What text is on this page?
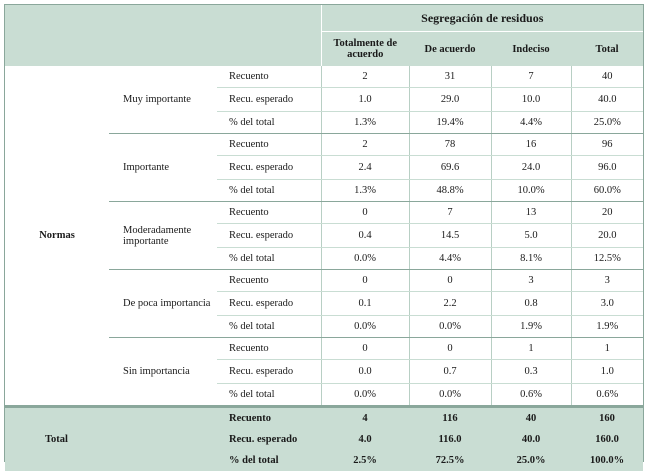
			Segregación de residuos			
			Totalmente de acuerdo	De acuerdo	Indeciso	Total
Normas	Muy importante	Recuento	2	31	7	40
		Recu. esperado	1.0	29.0	10.0	40.0
		% del total	1.3%	19.4%	4.4%	25.0%
	Importante	Recuento	2	78	16	96
		Recu. esperado	2.4	69.6	24.0	96.0
		% del total	1.3%	48.8%	10.0%	60.0%
	Moderadamente importante	Recuento	0	7	13	20
		Recu. esperado	0.4	14.5	5.0	20.0
		% del total	0.0%	4.4%	8.1%	12.5%
	De poca importancia	Recuento	0	0	3	3
		Recu. esperado	0.1	2.2	0.8	3.0
		% del total	0.0%	0.0%	1.9%	1.9%
	Sin importancia	Recuento	0	0	1	1
		Recu. esperado	0.0	0.7	0.3	1.0
		% del total	0.0%	0.0%	0.6%	0.6%
Total		Recuento	4	116	40	160
		Recu. esperado	4.0	116.0	40.0	160.0
		% del total	2.5%	72.5%	25.0%	100.0%
